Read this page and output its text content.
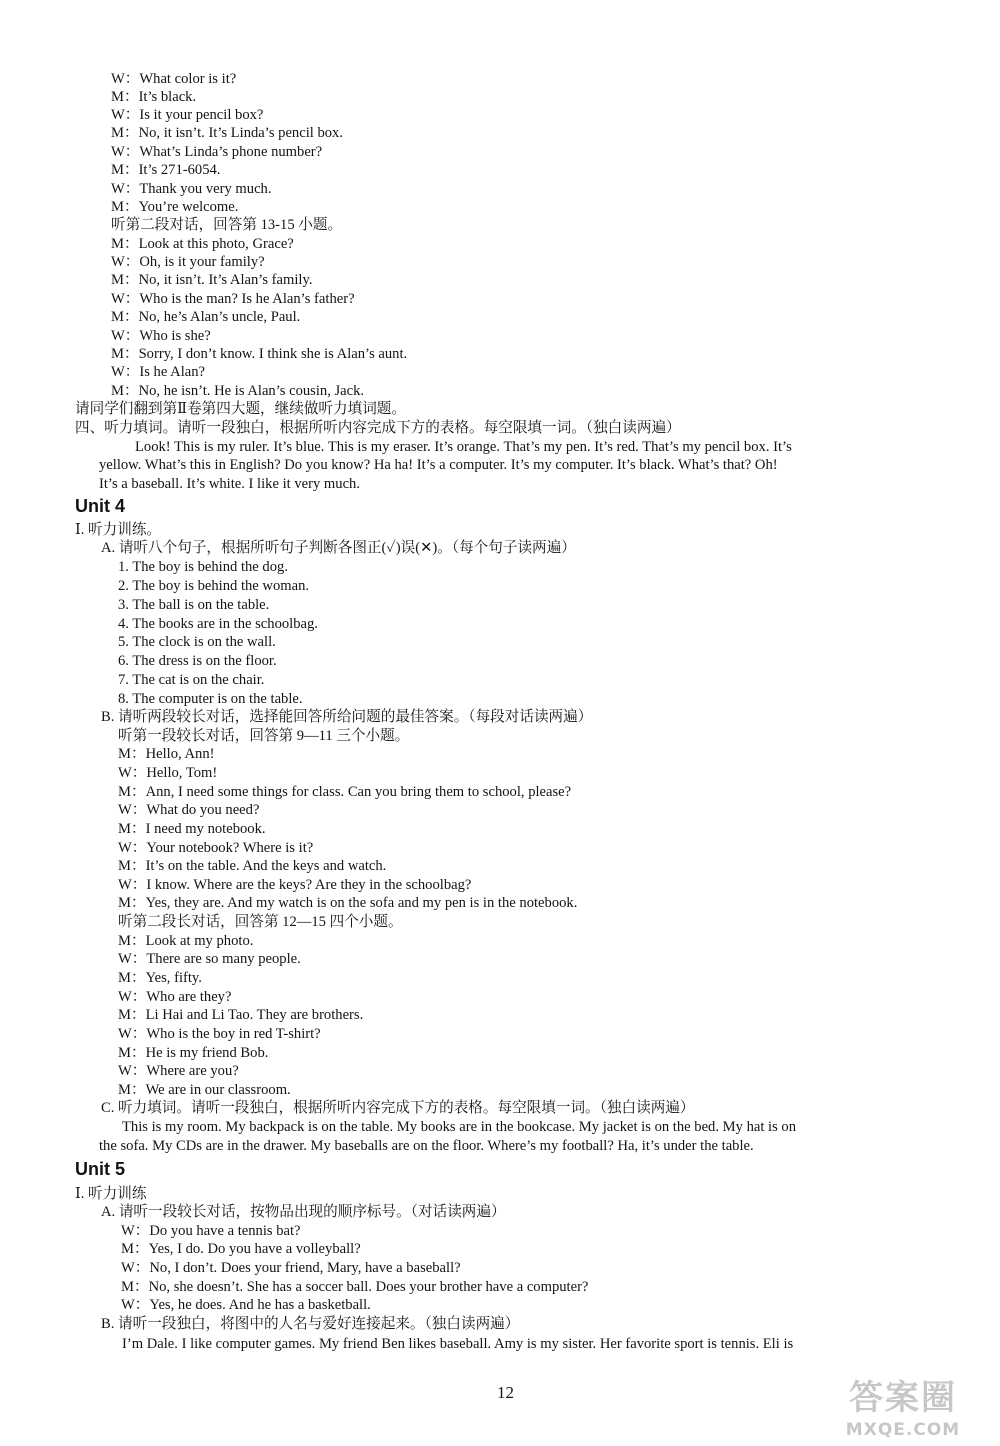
W：What color is it?
M：It’s black.
W：Is it your pencil box?
M：No, it isn’t. It’s Linda’s pencil box.
W：What’s Linda’s phone number?
M：It’s 271-6054.
W：Thank you very much.
M：You’re welcome.
听第二段对话，回答第 13-15 小题。
M：Look at this photo, Grace?
W：Oh, is it your family?
M：No, it isn’t. It’s Alan’s family.
W：Who is the man? Is he Alan’s father?
M：No, he’s Alan’s uncle, Paul.
W：Who is she?
M：Sorry, I don’t know. I think she is Alan’s aunt.
W：Is he Alan?
M：No, he isn’t. He is Alan’s cousin, Jack.
请同学们翻到第Ⅱ卷第四大题，继续做听力填词题。
四、听力填词。请听一段独白，根据所听内容完成下方的表格。每空限填一词。（独白读两遍）
Look! This is my ruler. It’s blue. This is my eraser. It’s orange. That’s my pen. It’s red. That’s my pencil box. It’s
yellow. What’s this in English? Do you know? Ha ha! It’s a computer. It’s my computer. It’s black. What’s that? Oh!
It’s a baseball. It’s white. I like it very much.
Unit 4
Ⅰ. 听力训练。
A. 请听八个句子，根据所听句子判断各图正(✓)误(✕)。（每个句子读两遍）
1. The boy is behind the dog.
2. The boy is behind the woman.
3. The ball is on the table.
4. The books are in the schoolbag.
5. The clock is on the wall.
6. The dress is on the floor.
7. The cat is on the chair.
8. The computer is on the table.
B. 请听两段较长对话，选择能回答所给问题的最佳答案。（每段对话读两遍）
听第一段较长对话，回答第 9—11 三个小题。
M：Hello, Ann!
W：Hello, Tom!
M：Ann, I need some things for class. Can you bring them to school, please?
W：What do you need?
M：I need my notebook.
W：Your notebook? Where is it?
M：It’s on the table. And the keys and watch.
W：I know. Where are the keys? Are they in the schoolbag?
M：Yes, they are. And my watch is on the sofa and my pen is in the notebook.
听第二段长对话，回答第 12—15 四个小题。
M：Look at my photo.
W：There are so many people.
M：Yes, fifty.
W：Who are they?
M：Li Hai and Li Tao. They are brothers.
W：Who is the boy in red T-shirt?
M：He is my friend Bob.
W：Where are you?
M：We are in our classroom.
C. 听力填词。请听一段独白，根据所听内容完成下方的表格。每空限填一词。（独白读两遍）
This is my room. My backpack is on the table. My books are in the bookcase. My jacket is on the bed. My hat is on
the sofa. My CDs are in the drawer. My baseballs are on the floor. Where’s my football? Ha, it’s under the table.
Unit 5
Ⅰ. 听力训练
A. 请听一段较长对话，按物品出现的顺序标号。（对话读两遍）
W：Do you have a tennis bat?
M：Yes, I do. Do you have a volleyball?
W：No, I don’t. Does your friend, Mary, have a baseball?
M：No, she doesn’t. She has a soccer ball. Does your brother have a computer?
W：Yes, he does. And he has a basketball.
B. 请听一段独白，将图中的人名与爱好连接起来。（独白读两遍）
I’m Dale. I like computer games. My friend Ben likes baseball. Amy is my sister. Her favorite sport is tennis. Eli is
12	答案圈
MXQE.COM
